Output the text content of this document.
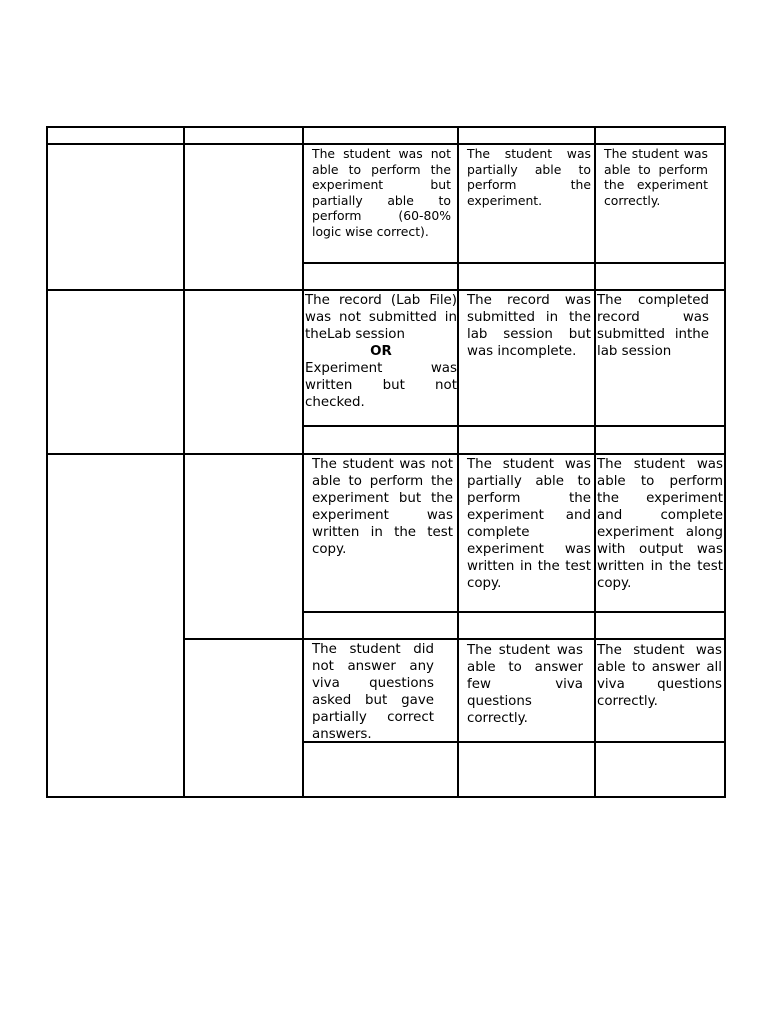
The student was not able to perform the experiment but partially able to perform (60-80% logic wise correct).

The student was partially able to perform the experiment.

The student was able to perform the experiment correctly.

The record (Lab File) was not submitted in theLab session

OR

Experiment was written but not checked.

The record was submitted in the lab session but was incomplete.

The completed record was submitted inthe lab session

The student was not able to perform the experiment but the experiment was written in the test copy.

The student was partially able to perform the experiment and complete experiment was written in the test copy.

The student was able to perform the experiment and complete experiment along with output was written in the test copy.

The student did not answer any viva questions asked but gave partially correct answers.

The student was able to answer few viva questions correctly.

The student was able to answer all viva questions correctly.
